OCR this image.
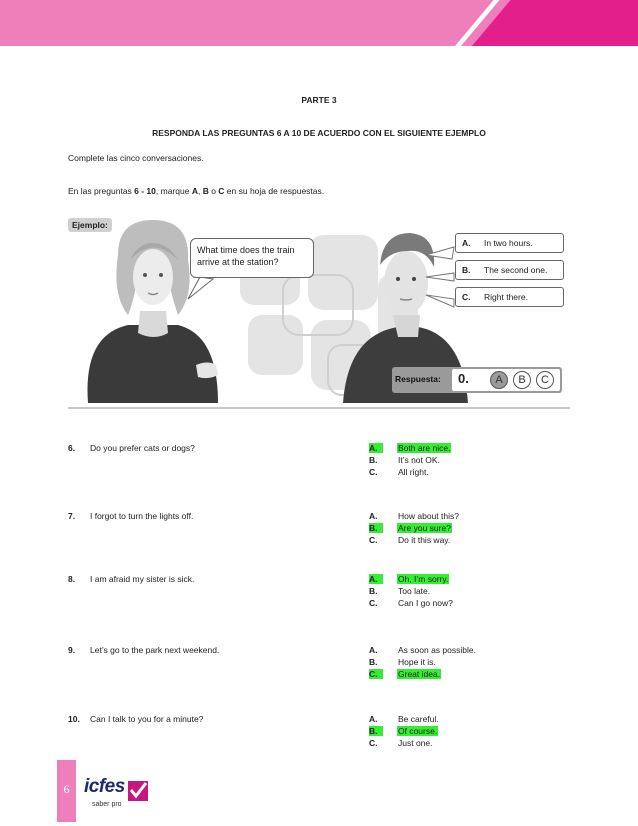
PARTE 3
RESPONDA LAS PREGUNTAS 6 A 10 DE ACUERDO CON EL SIGUIENTE EJEMPLO
Complete las cinco conversaciones.
En las preguntas 6 - 10, marque A, B o C en su hoja de respuestas.
Ejemplo:
What time does the train
arrive at the station?
A. In two hours.
B. The second one.
C. Right there.
Respuesta: 0.	A	B	C
6. Do you prefer cats or dogs?	A.	Both are nice.
B.	It’s not OK.
C.	All right.
7. I forgot to turn the lights off.	A.	How about this?
B.	Are you sure?
C.	Do it this way.
8. I am afraid my sister is sick.	A.	Oh, I’m sorry.
B.	Too late.
C.	Can I go now?
9. Let’s go to the park next weekend.	A.	As soon as possible.
B.	Hope it is.
C.	Great idea.
10. Can I talk to you for a minute?	A.	Be careful.
B.	Of course.
C.	Just one.
6 icfes
saber pro
